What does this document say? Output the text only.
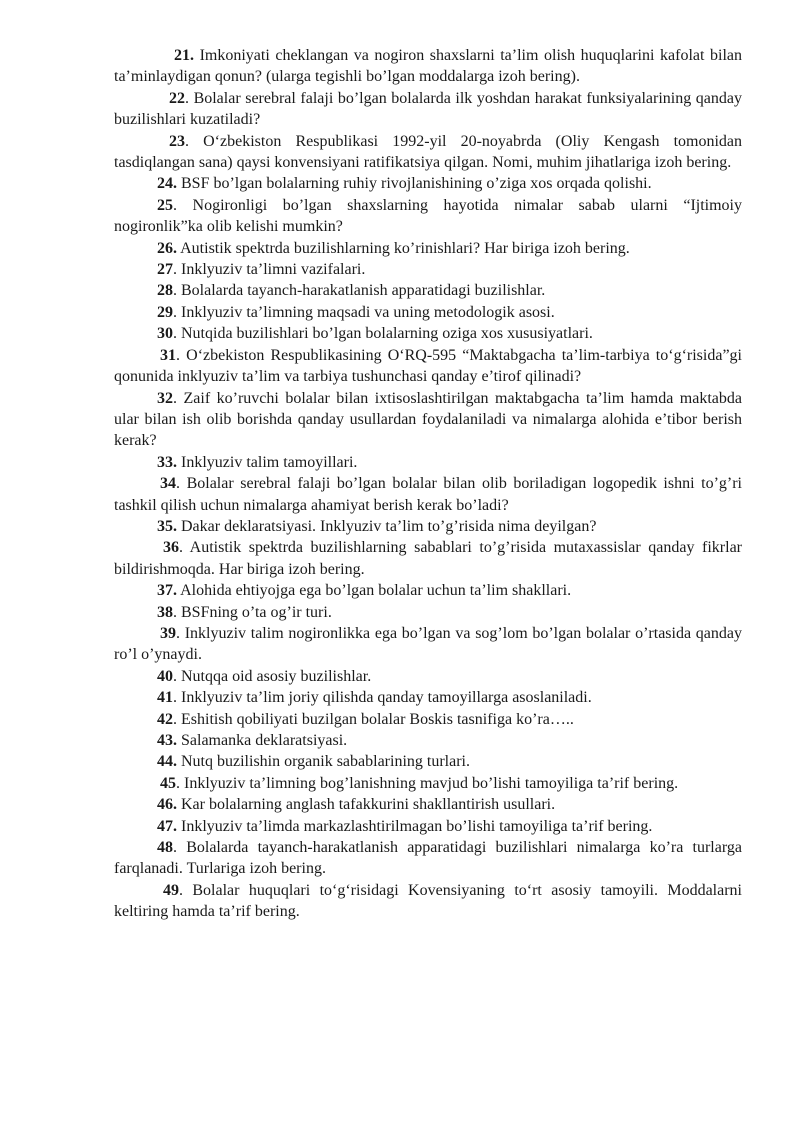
21. Imkoniyati cheklangan va nogiron shaxslarni ta’lim olish huquqlarini kafolat bilan ta’minlaydigan qonun? (ularga tegishli bo’lgan moddalarga izoh bering).

22. Bolalar serebral falaji bo’lgan bolalarda ilk yoshdan harakat funksiyalarining qanday buzilishlari kuzatiladi?

23. O‘zbekiston Respublikasi 1992-yil 20-noyabrda (Oliy Kengash tomonidan tasdiqlangan sana) qaysi konvensiyani ratifikatsiya qilgan. Nomi, muhim jihatlariga izoh bering.

24. BSF bo’lgan bolalarning ruhiy rivojlanishining o’ziga xos orqada qolishi.

25. Nogironligi bo’lgan shaxslarning hayotida nimalar sabab ularni “Ijtimoiy nogironlik”ka olib kelishi mumkin?

26. Autistik spektrda buzilishlarning ko’rinishlari? Har biriga izoh bering.

27. Inklyuziv ta’limni vazifalari.

28. Bolalarda tayanch-harakatlanish apparatidagi buzilishlar.

29. Inklyuziv ta’limning maqsadi va uning metodologik asosi.

30. Nutqida buzilishlari bo’lgan bolalarning oziga xos xususiyatlari.

31. O‘zbekiston Respublikasining O‘RQ-595 “Maktabgacha ta’lim-tarbiya to‘g‘risida”gi qonunida inklyuziv ta’lim va tarbiya tushunchasi qanday e’tirof qilinadi?

32. Zaif ko’ruvchi bolalar bilan ixtisoslashtirilgan maktabgacha ta’lim hamda maktabda ular bilan ish olib borishda qanday usullardan foydalaniladi va nimalarga alohida e’tibor berish kerak?

33. Inklyuziv talim tamoyillari.

34. Bolalar serebral falaji bo’lgan bolalar bilan olib boriladigan logopedik ishni to’g’ri tashkil qilish uchun nimalarga ahamiyat berish kerak bo’ladi?

35. Dakar deklaratsiyasi. Inklyuziv ta’lim to’g’risida nima deyilgan?

36. Autistik spektrda buzilishlarning sabablari to’g’risida mutaxassislar qanday fikrlar bildirishmoqda. Har biriga izoh bering.

37. Alohida ehtiyojga ega bo’lgan bolalar uchun ta’lim shakllari.

38. BSFning o’ta og’ir turi.

39. Inklyuziv talim nogironlikka ega bo’lgan va sog’lom bo’lgan bolalar o’rtasida qanday ro’l o’ynaydi.

40. Nutqqa oid asosiy buzilishlar.

41. Inklyuziv ta’lim joriy qilishda qanday tamoyillarga asoslaniladi.

42. Eshitish qobiliyati buzilgan bolalar Boskis tasnifiga ko’ra…..

43. Salamanka deklaratsiyasi.

44. Nutq buzilishin organik sabablarining turlari.

45. Inklyuziv ta’limning bog’lanishning mavjud bo’lishi tamoyiliga ta’rif bering.

46. Kar bolalarning anglash tafakkurini shakllantirish usullari.

47. Inklyuziv ta’limda markazlashtirilmagan bo’lishi tamoyiliga ta’rif bering.

48. Bolalarda tayanch-harakatlanish apparatidagi buzilishlari nimalarga ko’ra turlarga farqlanadi. Turlariga izoh bering.

49. Bolalar huquqlari to‘g‘risidagi Kovensiyaning to‘rt asosiy tamoyili. Moddalarni keltiring hamda ta’rif bering.
